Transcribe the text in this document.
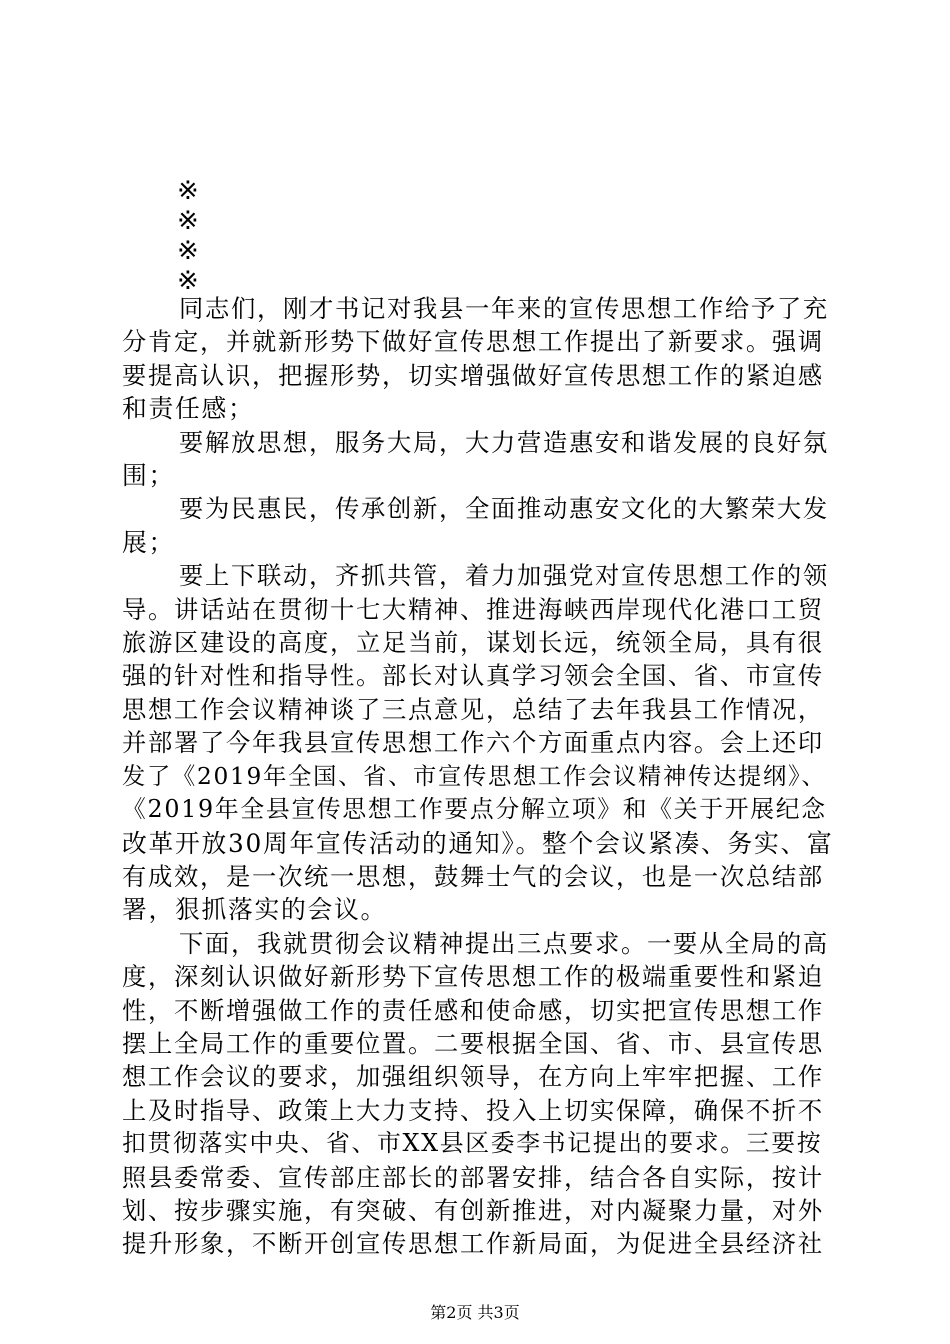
※
※
※
※
同志们，刚才书记对我县一年来的宣传思想工作给予了充
分肯定，并就新形势下做好宣传思想工作提出了新要求。强调
要提高认识，把握形势，切实增强做好宣传思想工作的紧迫感
和责任感；
要解放思想，服务大局，大力营造惠安和谐发展的良好氛
围；
要为民惠民，传承创新，全面推动惠安文化的大繁荣大发
展；
要上下联动，齐抓共管，着力加强党对宣传思想工作的领
导。讲话站在贯彻十七大精神、推进海峡西岸现代化港口工贸
旅游区建设的高度，立足当前，谋划长远，统领全局，具有很
强的针对性和指导性。部长对认真学习领会全国、省、市宣传
思想工作会议精神谈了三点意见，总结了去年我县工作情况，
并部署了今年我县宣传思想工作六个方面重点内容。会上还印
发了《2019年全国、省、市宣传思想工作会议精神传达提纲》、
《2019年全县宣传思想工作要点分解立项》和《关于开展纪念
改革开放30周年宣传活动的通知》。整个会议紧凑、务实、富
有成效，是一次统一思想，鼓舞士气的会议，也是一次总结部
署，狠抓落实的会议。
下面，我就贯彻会议精神提出三点要求。一要从全局的高
度，深刻认识做好新形势下宣传思想工作的极端重要性和紧迫
性，不断增强做工作的责任感和使命感，切实把宣传思想工作
摆上全局工作的重要位置。二要根据全国、省、市、县宣传思
想工作会议的要求，加强组织领导，在方向上牢牢把握、工作
上及时指导、政策上大力支持、投入上切实保障，确保不折不
扣贯彻落实中央、省、市XX县区委李书记提出的要求。三要按
照县委常委、宣传部庄部长的部署安排，结合各自实际，按计
划、按步骤实施，有突破、有创新推进，对内凝聚力量，对外
提升形象，不断开创宣传思想工作新局面，为促进全县经济社
第2页 共3页
